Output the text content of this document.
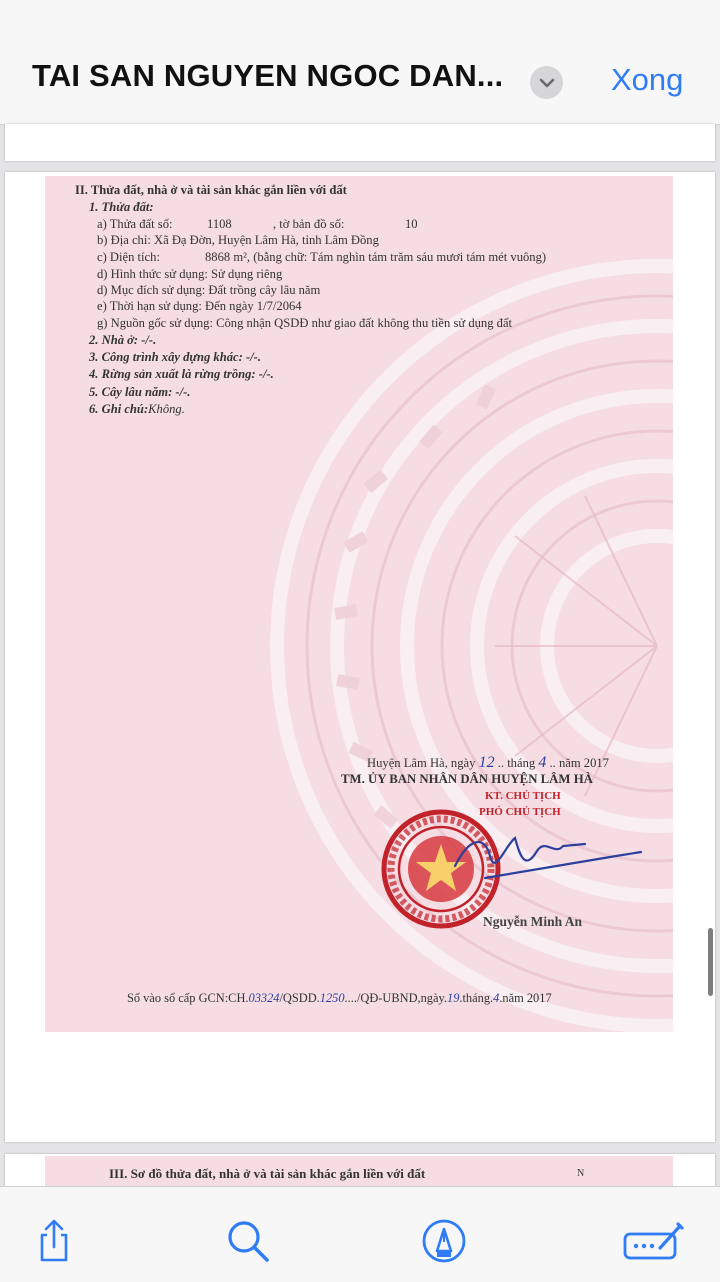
TAI SAN NGUYEN NGOC DAN...	Xong
II. Thửa đất, nhà ở và tài sản khác gắn liền với đất
1. Thửa đất:
a) Thửa đất số:	1108	, tờ bản đồ số:	10
b) Địa chỉ: Xã Đạ Đờn, Huyện Lâm Hà, tỉnh Lâm Đồng
c) Diện tích:	8868 m², (bằng chữ: Tám nghìn tám trăm sáu mươi tám mét vuông)
d) Hình thức sử dụng: Sử dụng riêng
d) Mục đích sử dụng: Đất trồng cây lâu năm
e) Thời hạn sử dụng: Đến ngày 1/7/2064
g) Nguồn gốc sử dụng: Công nhận QSDĐ như giao đất không thu tiền sử dụng đất
2. Nhà ở: -/-.
3. Công trình xây dựng khác: -/-.
4. Rừng sản xuất là rừng trồng: -/-.
5. Cây lâu năm: -/-.
6. Ghi chú:Không.
Huyện Lâm Hà, ngày 12 .. tháng 4 .. năm 2017
TM. ỦY BAN NHÂN DÂN HUYỆN LÂM HÀ
KT. CHỦ TỊCH
PHÓ CHỦ TỊCH
Nguyễn Minh An
Số vào sổ cấp GCN:CH.03324/QSDD.1250..../QĐ-UBND,ngày.19.tháng.4.năm 2017
III. Sơ đồ thửa đất, nhà ở và tài sản khác gắn liền với đất	N
